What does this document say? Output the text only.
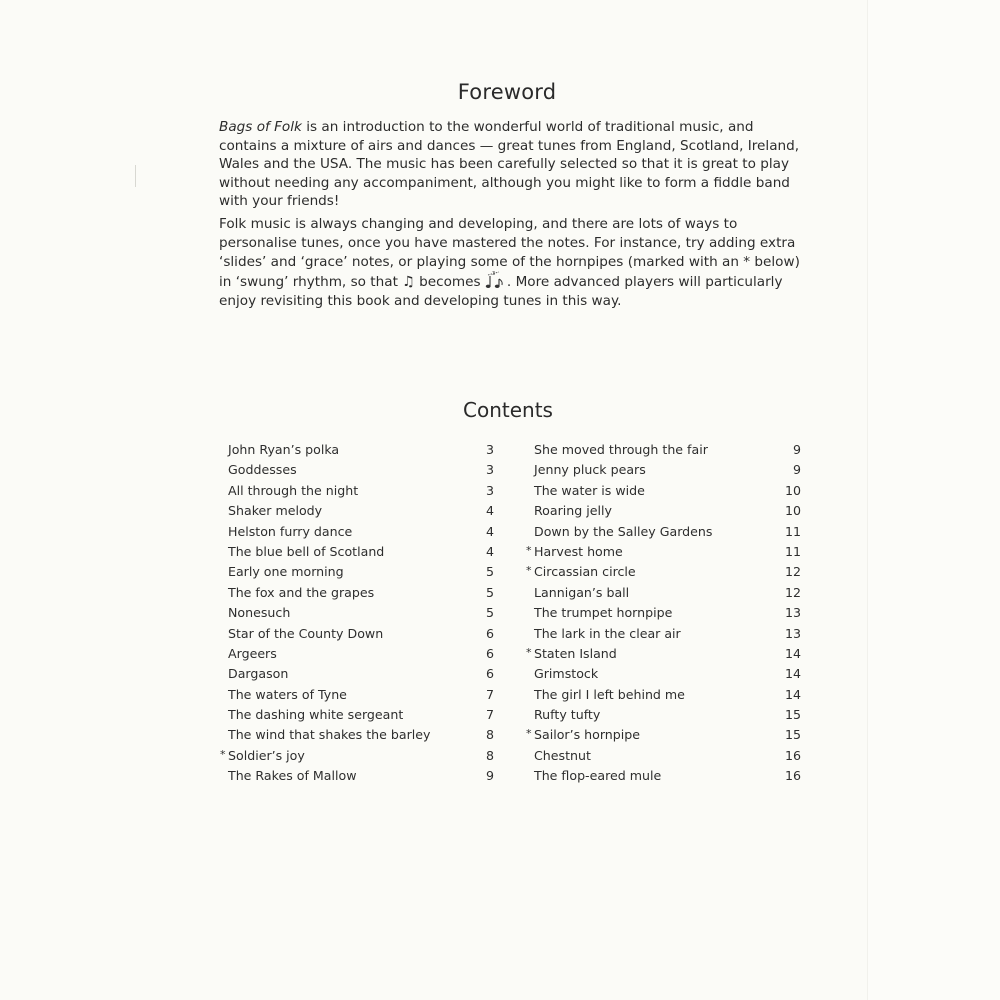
Foreword

Bags of Folk is an introduction to the wonderful world of traditional music, and contains a mixture of airs and dances — great tunes from England, Scotland, Ireland, Wales and the USA. The music has been carefully selected so that it is great to play without needing any accompaniment, although you might like to form a fiddle band with your friends!

Folk music is always changing and developing, and there are lots of ways to personalise tunes, once you have mastered the notes. For instance, try adding extra ‘slides’ and ‘grace’ notes, or playing some of the hornpipes (marked with an * below) in ‘swung’ rhythm, so that ♫ becomes 3 . More advanced players will particularly enjoy revisiting this book and developing tunes in this way.

Contents
John Ryan’s polka	3
Goddesses	3
All through the night	3
Shaker melody	4
Helston furry dance	4
The blue bell of Scotland	4
Early one morning	5
The fox and the grapes	5
Nonesuch	5
Star of the County Down	6
Argeers	6
Dargason	6
The waters of Tyne	7
The dashing white sergeant	7
The wind that shakes the barley	8
* Soldier’s joy	8
The Rakes of Mallow	9
She moved through the fair	9
Jenny pluck pears	9
The water is wide	10
Roaring jelly	10
Down by the Salley Gardens	11
* Harvest home	11
* Circassian circle	12
Lannigan’s ball	12
The trumpet hornpipe	13
The lark in the clear air	13
* Staten Island	14
Grimstock	14
The girl I left behind me	14
Rufty tufty	15
* Sailor’s hornpipe	15
Chestnut	16
The flop-eared mule	16
